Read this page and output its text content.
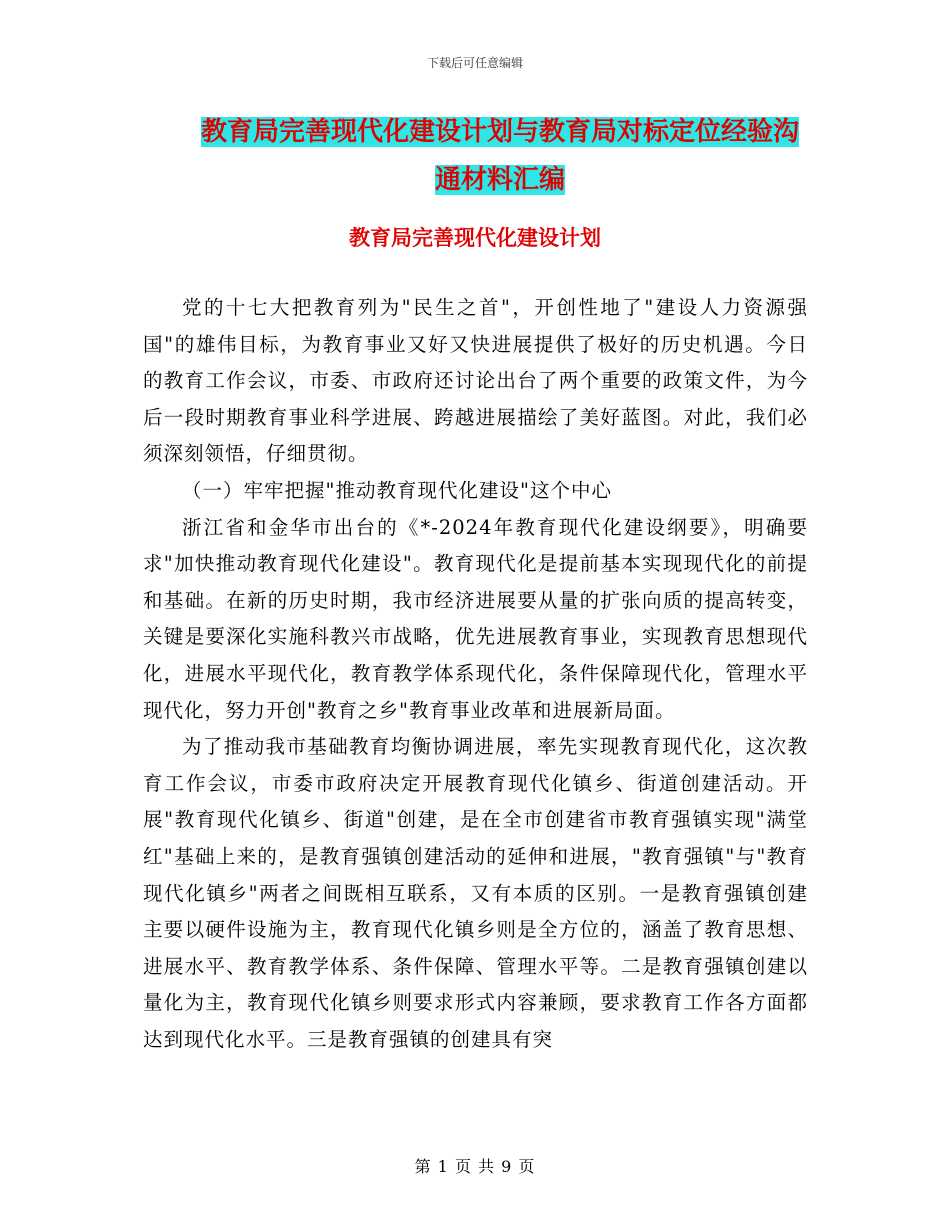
下载后可任意编辑
教育局完善现代化建设计划与教育局对标定位经验沟
通材料汇编
教育局完善现代化建设计划

党的十七大把教育列为"民生之首"，开创性地了"建设人力资源强国"的雄伟目标，为教育事业又好又快进展提供了极好的历史机遇。今日的教育工作会议，市委、市政府还讨论出台了两个重要的政策文件，为今后一段时期教育事业科学进展、跨越进展描绘了美好蓝图。对此，我们必须深刻领悟，仔细贯彻。

（一）牢牢把握"推动教育现代化建设"这个中心

浙江省和金华市出台的《*-2024年教育现代化建设纲要》，明确要求"加快推动教育现代化建设"。教育现代化是提前基本实现现代化的前提和基础。在新的历史时期，我市经济进展要从量的扩张向质的提高转变，关键是要深化实施科教兴市战略，优先进展教育事业，实现教育思想现代化，进展水平现代化，教育教学体系现代化，条件保障现代化，管理水平现代化，努力开创"教育之乡"教育事业改革和进展新局面。

为了推动我市基础教育均衡协调进展，率先实现教育现代化，这次教育工作会议，市委市政府决定开展教育现代化镇乡、街道创建活动。开展"教育现代化镇乡、街道"创建，是在全市创建省市教育强镇实现"满堂红"基础上来的，是教育强镇创建活动的延伸和进展，"教育强镇"与"教育现代化镇乡"两者之间既相互联系，又有本质的区别。一是教育强镇创建主要以硬件设施为主，教育现代化镇乡则是全方位的，涵盖了教育思想、进展水平、教育教学体系、条件保障、管理水平等。二是教育强镇创建以量化为主，教育现代化镇乡则要求形式内容兼顾，要求教育工作各方面都达到现代化水平。三是教育强镇的创建具有突

第 1 页 共 9 页
